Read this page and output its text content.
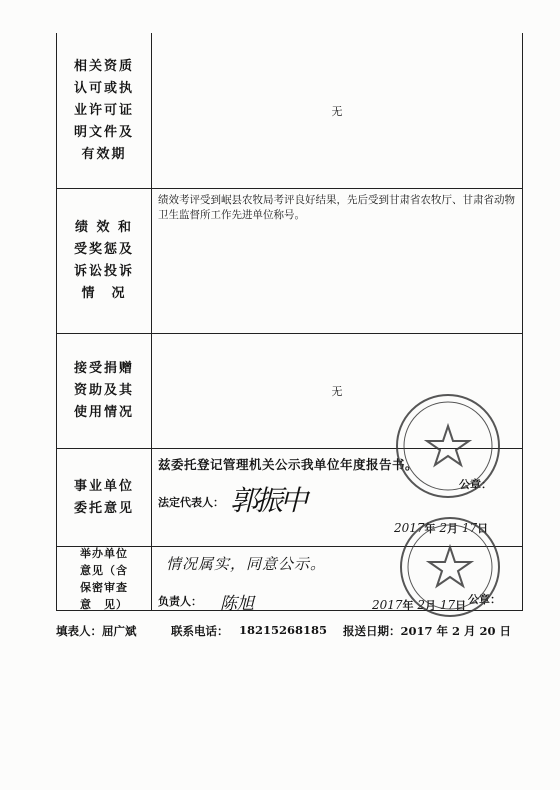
相关资质
认可或执
业许可证
明文件及
有效期
无
绩 效 和
受奖惩及
诉讼投诉
情　况
绩效考评受到岷县农牧局考评良好结果，先后受到甘肃省农牧厅、甘肃省动物卫生监督所工作先进单位称号。
接受捐赠
资助及其
使用情况
无
事业单位
委托意见
兹委托登记管理机关公示我单位年度报告书。
法定代表人： 郭振中	公章：
2017年 2月 17日
举办单位
意见（含
保密审查
意　见）
情况属实，同意公示。
负责人： 陈旭	公章：
2017年 2月 17日
填表人：屈广斌	联系电话： 18215268185 报送日期：2017 年 2 月 20 日
